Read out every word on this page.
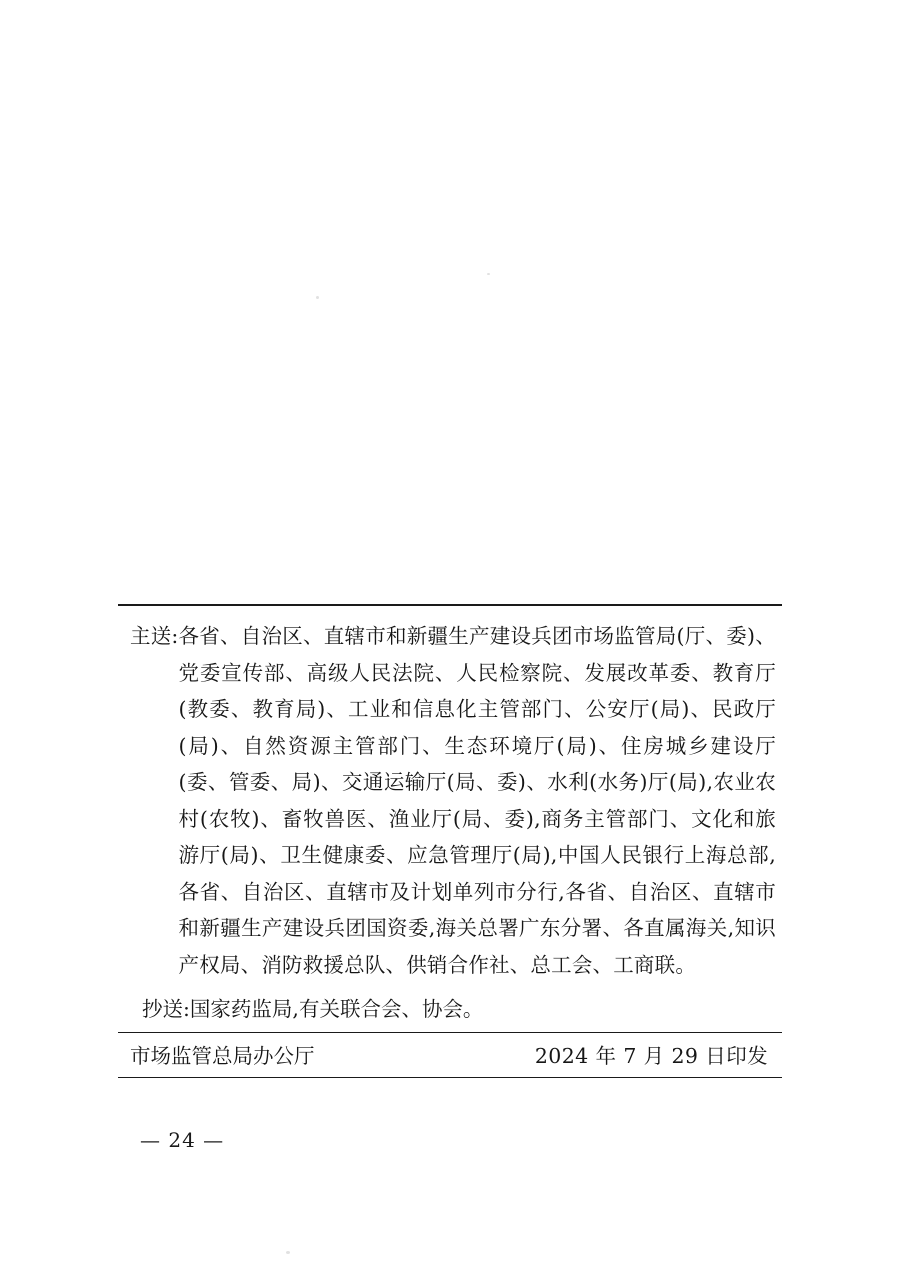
主送: 各省、自治区、直辖市和新疆生产建设兵团市场监管局(厅、委)、党委宣传部、高级人民法院、人民检察院、发展改革委、教育厅(教委、教育局)、工业和信息化主管部门、公安厅(局)、民政厅(局)、自然资源主管部门、生态环境厅(局)、住房城乡建设厅(委、管委、局)、交通运输厅(局、委)、水利(水务)厅(局),农业农村(农牧)、畜牧兽医、渔业厅(局、委),商务主管部门、文化和旅游厅(局)、卫生健康委、应急管理厅(局),中国人民银行上海总部,各省、自治区、直辖市及计划单列市分行,各省、自治区、直辖市和新疆生产建设兵团国资委,海关总署广东分署、各直属海关,知识产权局、消防救援总队、供销合作社、总工会、工商联。

抄送: 国家药监局,有关联合会、协会。
市场监管总局办公厅	2024 年 7 月 29 日印发
— 24 —
